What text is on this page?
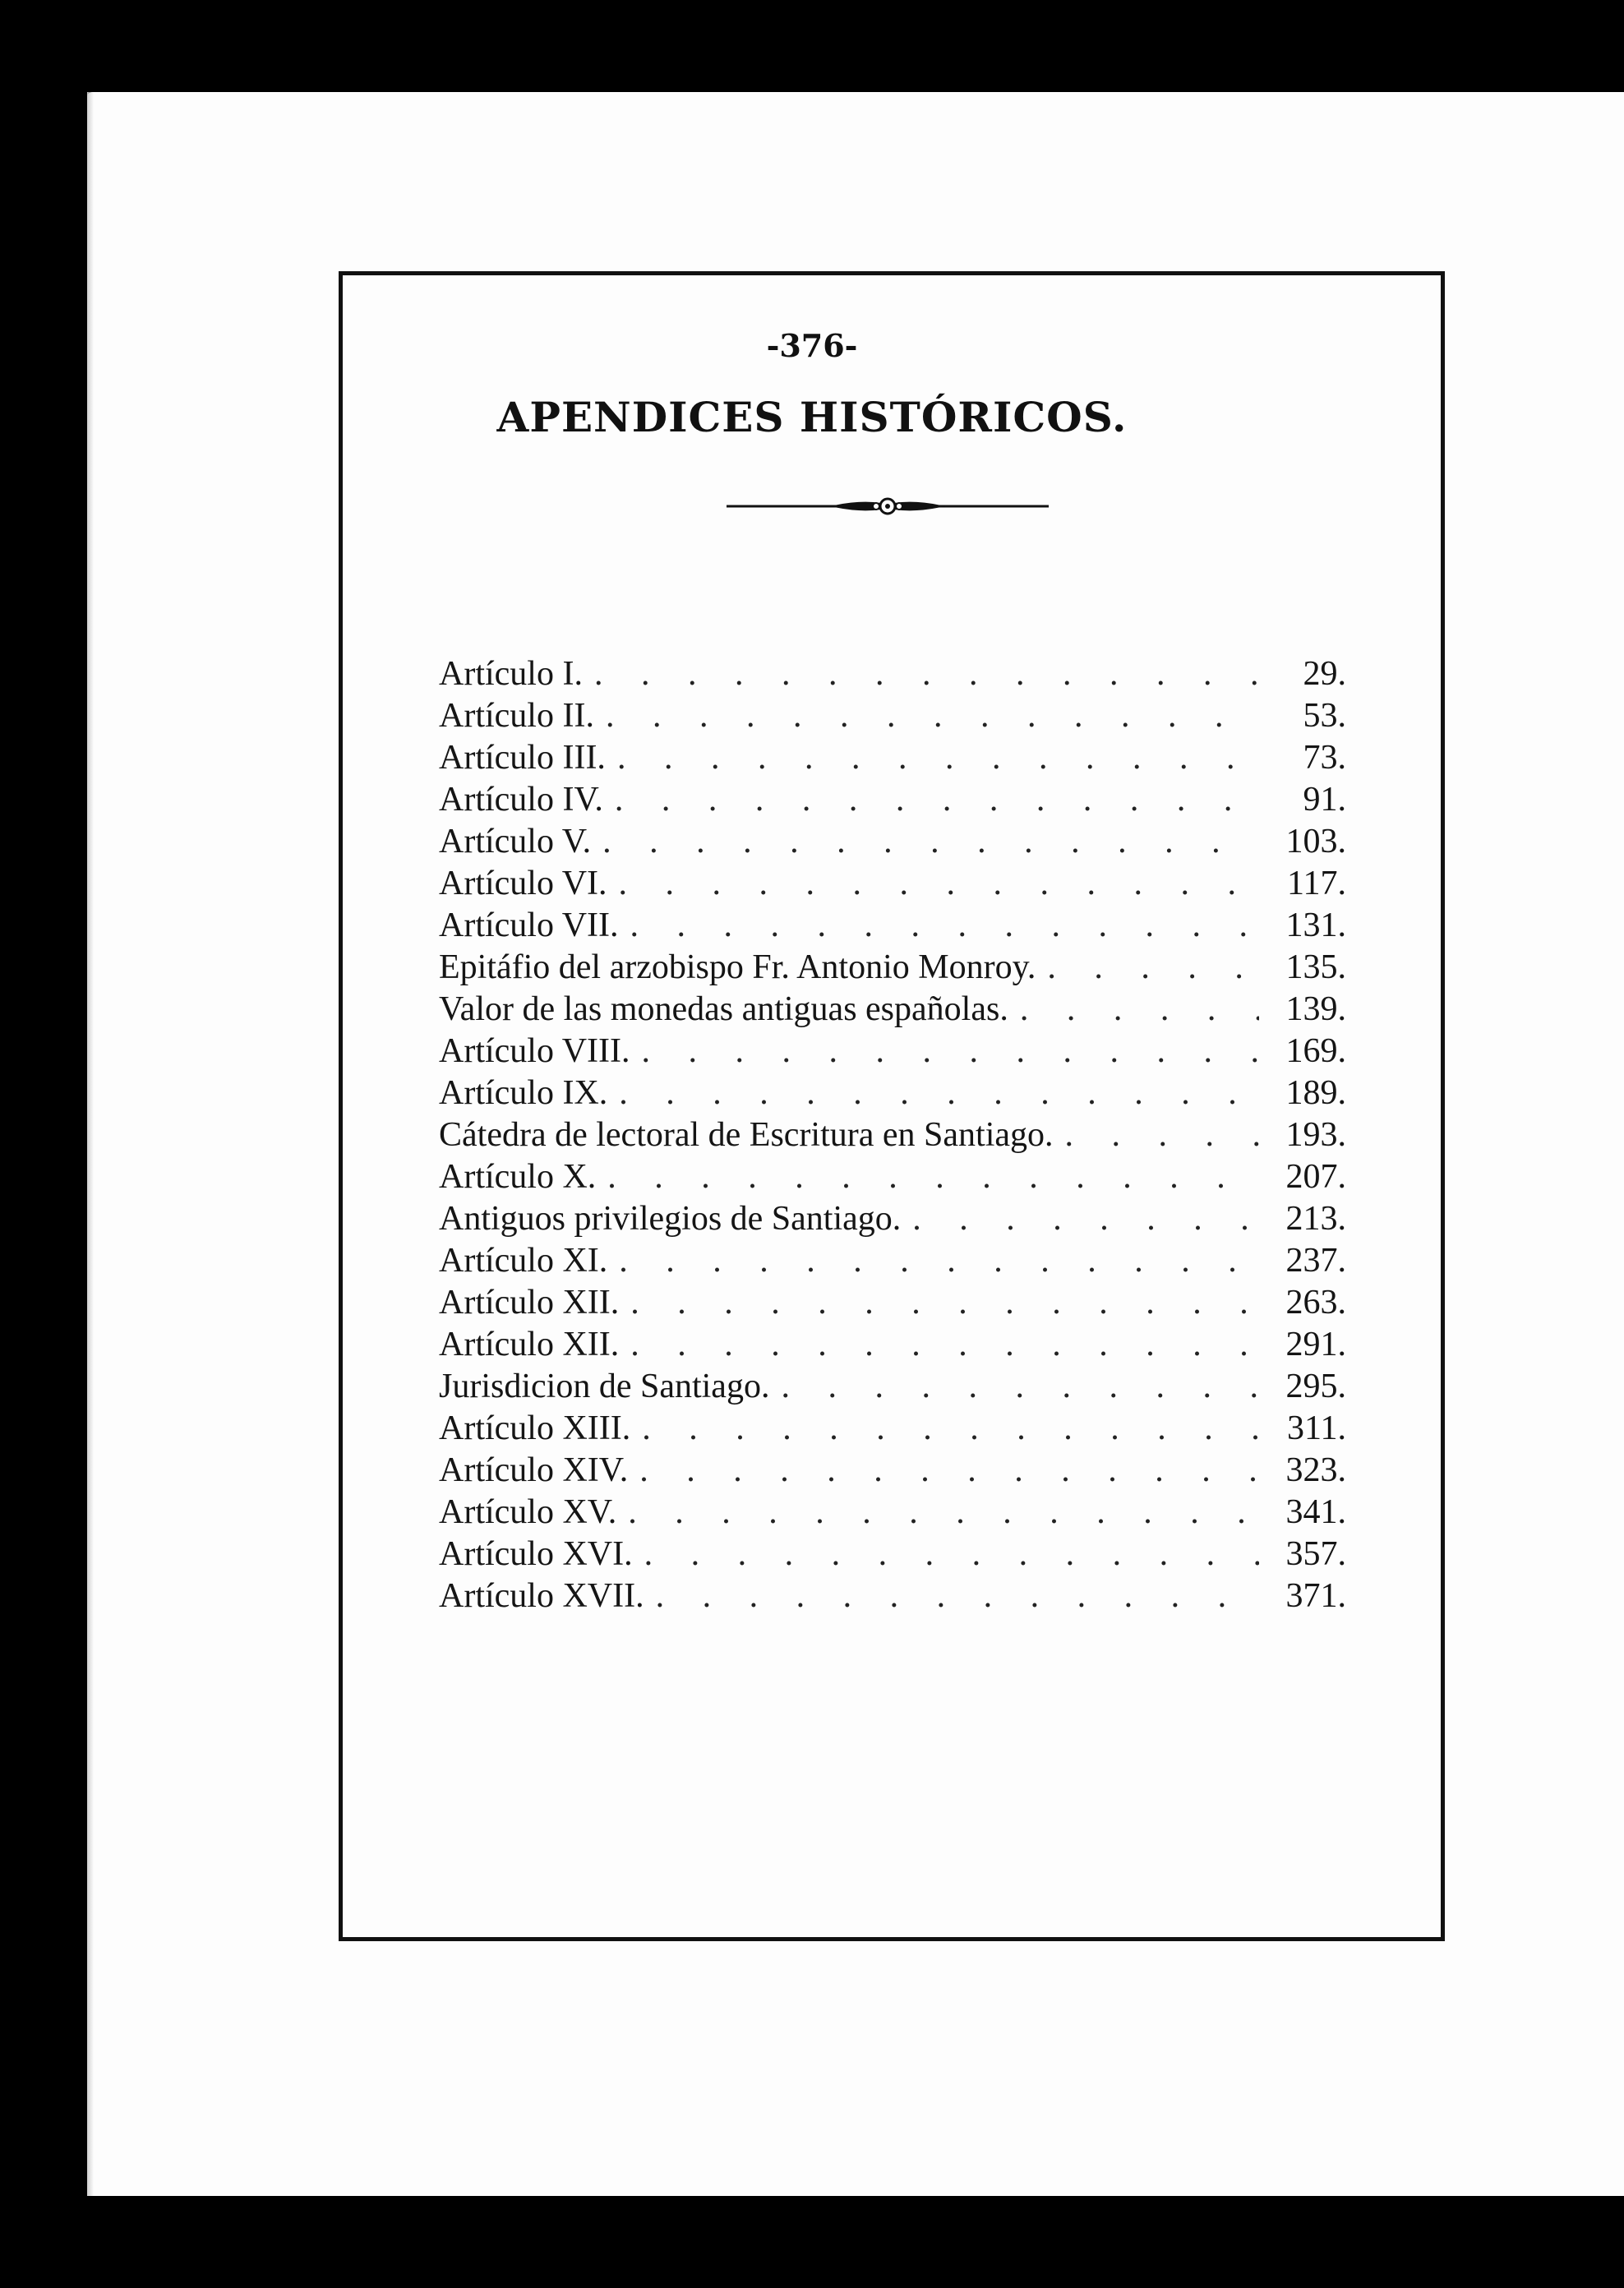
-376-
APENDICES HISTÓRICOS.
Artículo I. . . .	29.
Artículo II. . . .	53.
Artículo III. . . .	73.
Artículo IV. . . .	91.
Artículo V. . . .	103.
Artículo VI. . . .	117.
Artículo VII. . . .	131.
Epitáfio del arzobispo Fr. Antonio Monroy. . . .	135.
Valor de las monedas antiguas españolas. . . .	139.
Artículo VIII. . . .	169.
Artículo IX. . . .	189.
Cátedra de lectoral de Escritura en Santiago. . . .	193.
Artículo X. . . .	207.
Antiguos privilegios de Santiago. . . .	213.
Artículo XI. . . .	237.
Artículo XII. . . .	263.
Artículo XII. . . .	291.
Jurisdicion de Santiago. . . .	295.
Artículo XIII. . . .	311.
Artículo XIV. . . .	323.
Artículo XV. . . .	341.
Artículo XVI. . . .	357.
Artículo XVII. . . .	371.
